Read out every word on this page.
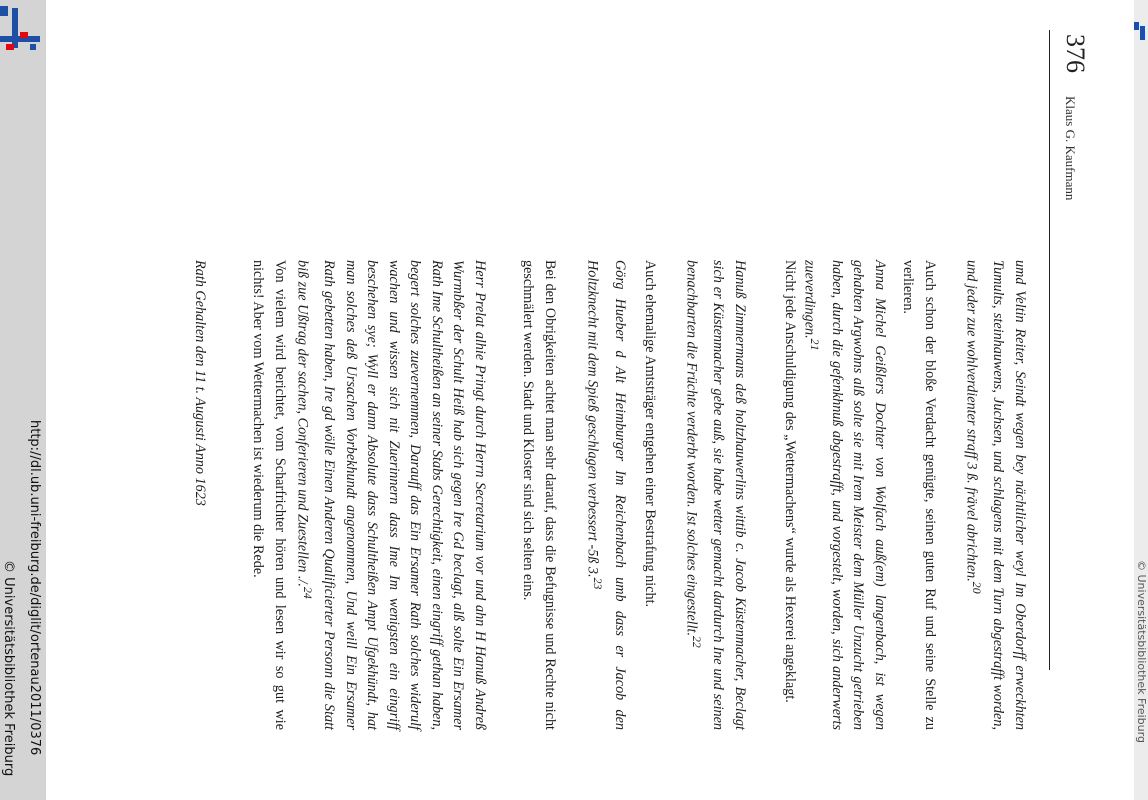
http://dl.ub.uni-freiburg.de/diglit/ortenau2011/0376
© Universitätsbibliothek Freiburg	© Universitätsbibliothek Freiburg
376
Klaus G. Kaufmann
umd Veltin Reiter, Seindt wegen bey nächtlicher weyl Im Oberdorff erweckhten Tumults, steinhauwens, Juchsen, und schlagens mit dem Turn abgestrafft worden, und jeder zue wohlverdienter straff 3 ß. frävel abrichten.$^{20}$
Auch schon der bloße Verdacht genügte, seinen guten Ruf und seine Stelle zu verlieren.
Anna Michel Geißlers Dochter von Wolfach auß(em) langenbach, ist wegen gehabten Argwohns alß solte sie mit Irem Meister dem Müller Unzucht getrieben haben, durch die gefenkhnuß abgestrafft, und vorgestelt, worden, sich anderwerts zueverdingen.$^{21}$
Nicht jede Anschuldigung des „Wettermachens“ wurde als Hexerei angeklagt.
Hanuß Zimmermans deß holtzhauwerlins wittib c. Jacob Küstenmacher, Beclagt sich er Küstenmacher gebe auß, sie habe wetter gemacht dardurch Ine und seinen benachbarten die Früchte verderbt worden. Ist solches eingestellt.$^{22}$
Auch ehemalige Amtsträger entgehen einer Bestrafung nicht.
Görg Hueber d Alt Heimburger Im Reichenbach umb dass er Jacob den Holtzknecht mit dem Spieß geschlagen verbessert -5ß 3.23
Bei den Obrigkeiten achtet man sehr darauf, dass die Befugnisse und Rechte nicht geschmälert werden. Stadt und Kloster sind sich selten eins.
Herr Prelat alhie Pringt durch Herrn Secretarium vor und ahn H Hanuß Andreß Wurmbßer der Schult Heiß hab sich gegen Ire Gd beclagt, alß solte Ein Ersamer Rath Ime Schultheißen an seiner Stabs Gerechtigkeit, einen eingriff gethan haben, begert solches zuevernemmen, Darauff das Ein Ersamer Rath solches widerulf wachen und wissen sich nit Zuerinnern dass Ime Im wenigsten ein eingriff beschehen sye; Wyll er dann Absolute dass Schultheißen Ampt Ufgekhündt, hat man solches deß Ursachen Vorbekhundt angenommen, Und weill Ein Ersamer Rath gebetten haben, Ire gd wölle Einen Anderen Qualificierter Personn die Statt biß zue Ußtrag der sachen, Conferieren und Zuestellen ./.$^{24}$
Von vielem wird berichtet, vom Scharfrichter hören und lesen wir so gut wie nichts! Aber vom Wettermachen ist wiederum die Rede.
Rath Gehalten den 11 t. Augusti Anno 1623
